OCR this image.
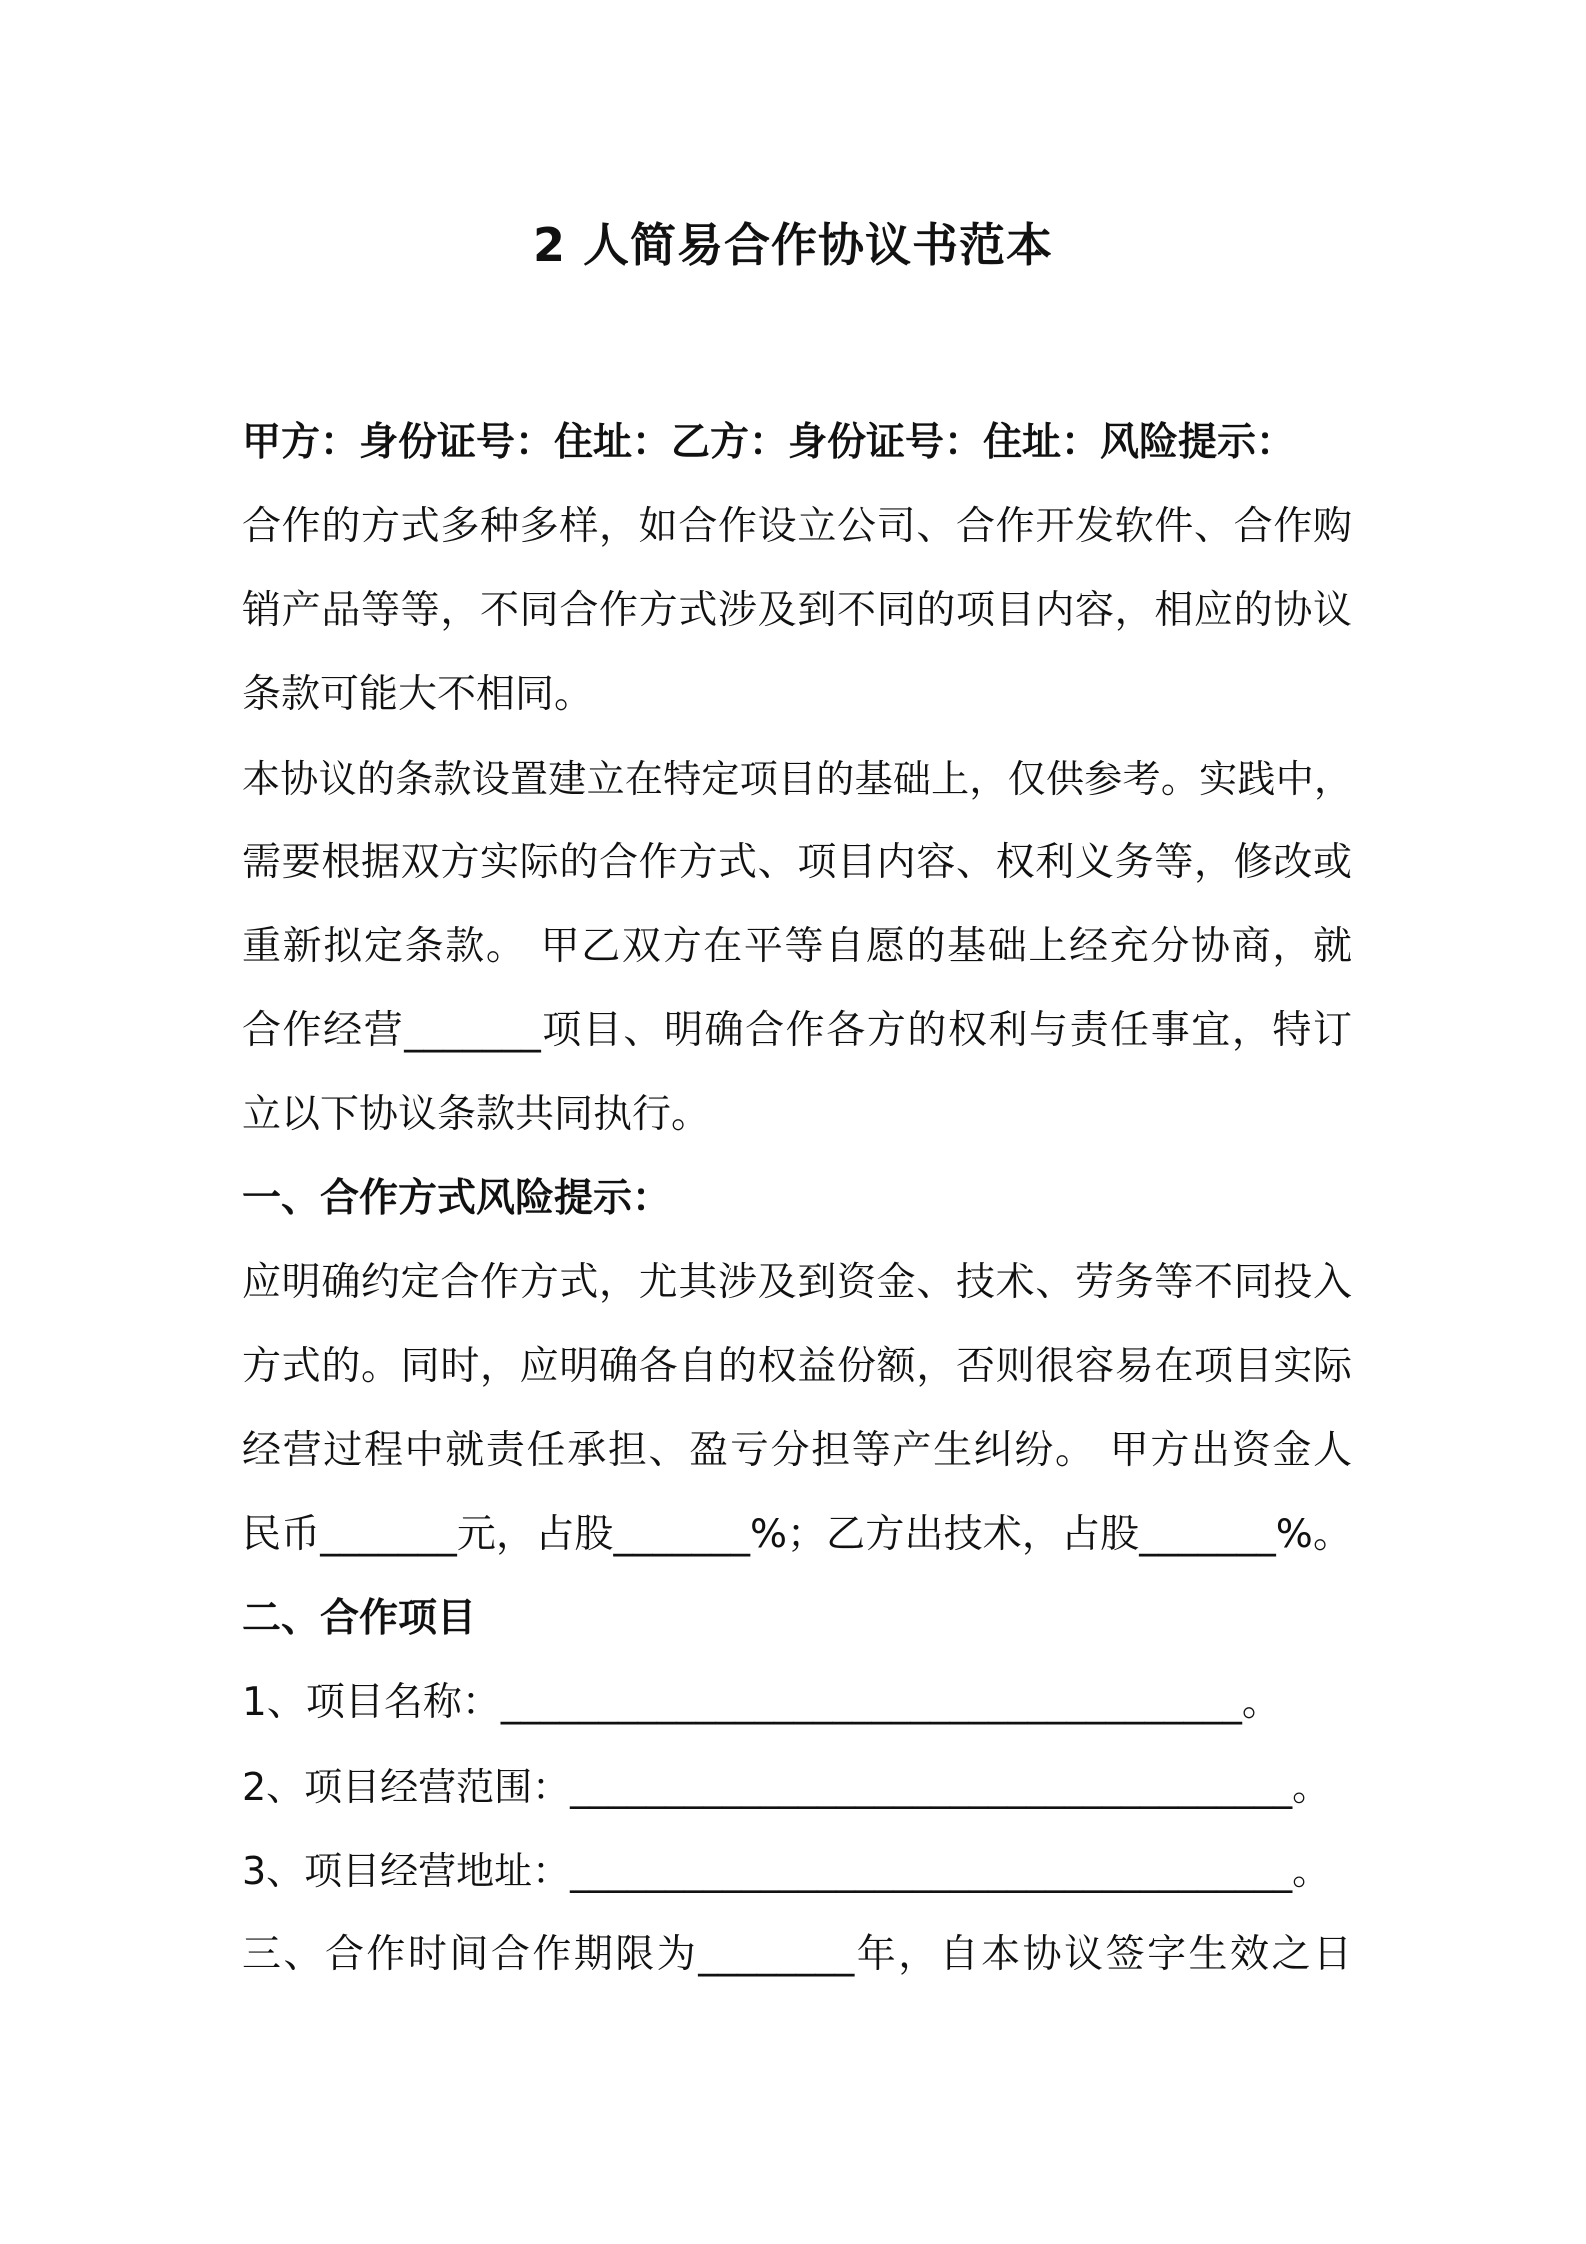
2 人简易合作协议书范本
甲方：身份证号：住址：乙方：身份证号：住址：风险提示：
合作的方式多种多样，如合作设立公司、合作开发软件、合作购
销产品等等，不同合作方式涉及到不同的项目内容，相应的协议
条款可能大不相同。
本协议的条款设置建立在特定项目的基础上，仅供参考。实践中，
需要根据双方实际的合作方式、项目内容、权利义务等，修改或
重新拟定条款。 甲乙双方在平等自愿的基础上经充分协商，就
合作经营_______项目、明确合作各方的权利与责任事宜，特订
立以下协议条款共同执行。
一、合作方式风险提示：
应明确约定合作方式，尤其涉及到资金、技术、劳务等不同投入
方式的。同时，应明确各自的权益份额，否则很容易在项目实际
经营过程中就责任承担、盈亏分担等产生纠纷。 甲方出资金人
民币_______元，占股_______%；乙方出技术，占股_______%。
二、合作项目
1、项目名称：______________________________________。
2、项目经营范围：______________________________________。
3、项目经营地址：______________________________________。
三、合作时间合作期限为________年，自本协议签字生效之日
